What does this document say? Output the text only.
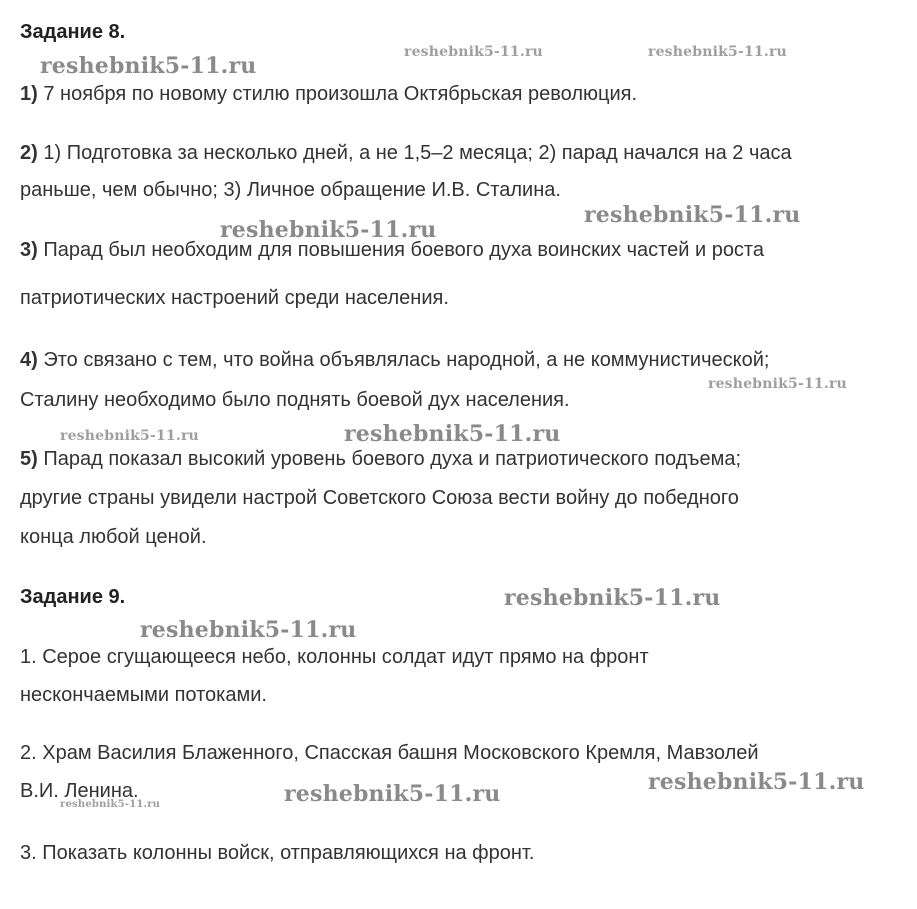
Задание 8.
1) 7 ноября по новому стилю произошла Октябрьская революция.
2) 1) Подготовка за несколько дней, а не 1,5–2 месяца; 2) парад начался на 2 часа
раньше, чем обычно; 3) Личное обращение И.В. Сталина.
3) Парад был необходим для повышения боевого духа воинских частей и роста
патриотических настроений среди населения.
4) Это связано с тем, что война объявлялась народной, а не коммунистической;
Сталину необходимо было поднять боевой дух населения.
5) Парад показал высокий уровень боевого духа и патриотического подъема;
другие страны увидели настрой Советского Союза вести войну до победного
конца любой ценой.
Задание 9.
1. Серое сгущающееся небо, колонны солдат идут прямо на фронт
нескончаемыми потоками.
2. Храм Василия Блаженного, Спасская башня Московского Кремля, Мавзолей
В.И. Ленина.
3. Показать колонны войск, отправляющихся на фронт.
reshebnik5-11.ru
reshebnik5-11.ru	reshebnik5-11.ru
reshebnik5-11.ru
reshebnik5-11.ru
reshebnik5-11.ru
reshebnik5-11.ru	reshebnik5-11.ru
reshebnik5-11.ru
reshebnik5-11.ru
reshebnik5-11.ru
reshebnik5-11.ru
reshebnik5-11.ru
